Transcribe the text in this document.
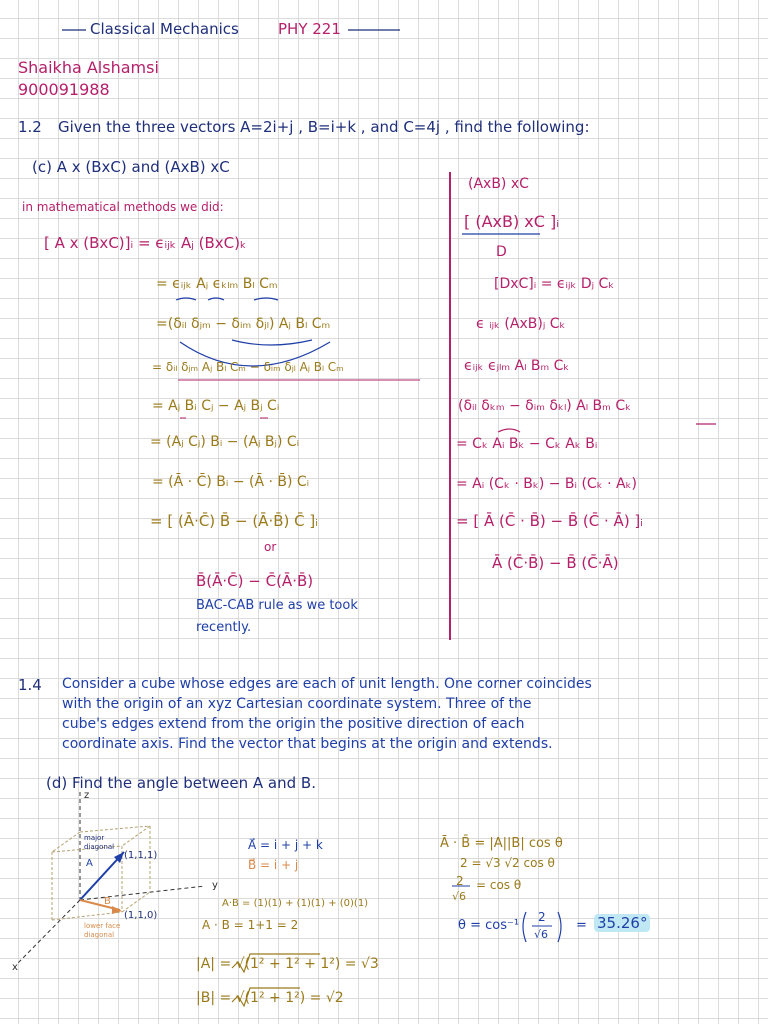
Classical Mechanics	PHY 221
Shaikha Alshamsi
900091988
1.2 Given the three vectors A=2i+j , B=i+k , and C=4j , find the following:
(c) A x (BxC) and (AxB) xC
in mathematical methods we did:
[ A x (BxC)]ᵢ = ϵᵢⱼₖ Aⱼ (BxC)ₖ
= ϵᵢⱼₖ Aⱼ ϵₖₗₘ Bₗ Cₘ
=(δᵢₗ δⱼₘ − δᵢₘ δⱼₗ) Aⱼ Bₗ Cₘ
= δᵢₗ δⱼₘ Aⱼ Bₗ Cₘ − δᵢₘ δⱼₗ Aⱼ Bₗ Cₘ
= Aⱼ Bᵢ Cⱼ − Aⱼ Bⱼ Cᵢ
= (Aⱼ Cⱼ) Bᵢ − (Aⱼ Bⱼ) Cᵢ
= (Ā · C̄) Bᵢ − (Ā · B̄) Cᵢ
= [ (Ā·C̄) B̄ − (Ā·B̄) C̄ ]ᵢ
or
B̄(Ā·C̄) − C̄(Ā·B̄)
BAC-CAB rule as we took
recently.
(AxB) xC
[ (AxB) xC ]ᵢ
D
[DxC]ᵢ = ϵᵢⱼₖ Dⱼ Cₖ
ϵ ᵢⱼₖ (AxB)ⱼ Cₖ
ϵᵢⱼₖ ϵⱼₗₘ Aₗ Bₘ Cₖ
(δᵢₗ δₖₘ − δᵢₘ δₖₗ) Aₗ Bₘ Cₖ
= Cₖ Aᵢ Bₖ − Cₖ Aₖ Bᵢ
= Aᵢ (Cₖ · Bₖ) − Bᵢ (Cₖ · Aₖ)
= [ Ā (C̄ · B̄) − B̄ (C̄ · Ā) ]ᵢ
Ā (C̄·B̄) − B̄ (C̄·Ā)
1.4 Consider a cube whose edges are each of unit length. One corner coincides
with the origin of an xyz Cartesian coordinate system. Three of the
cube's edges extend from the origin the positive direction of each
coordinate axis. Find the vector that begins at the origin and extends.
(d) Find the angle between A and B.
z
y
x
A
B
major
diagonal
(1,1,1)
(1,1,0)
lower face
diagonal
A⃗ = i + j + k
B⃗ = i + j
A·B = (1)(1) + (1)(1) + (0)(1)
A · B = 1+1 = 2
|A| = √(1² + 1² + 1²) = √3
|B| = √(1² + 1²) = √2
Ā · B̄ = |A||B| cos θ
2 = √3 √2 cos θ
2 = cos θ
√6
θ = cos⁻¹
2
√6
= 35.26°
